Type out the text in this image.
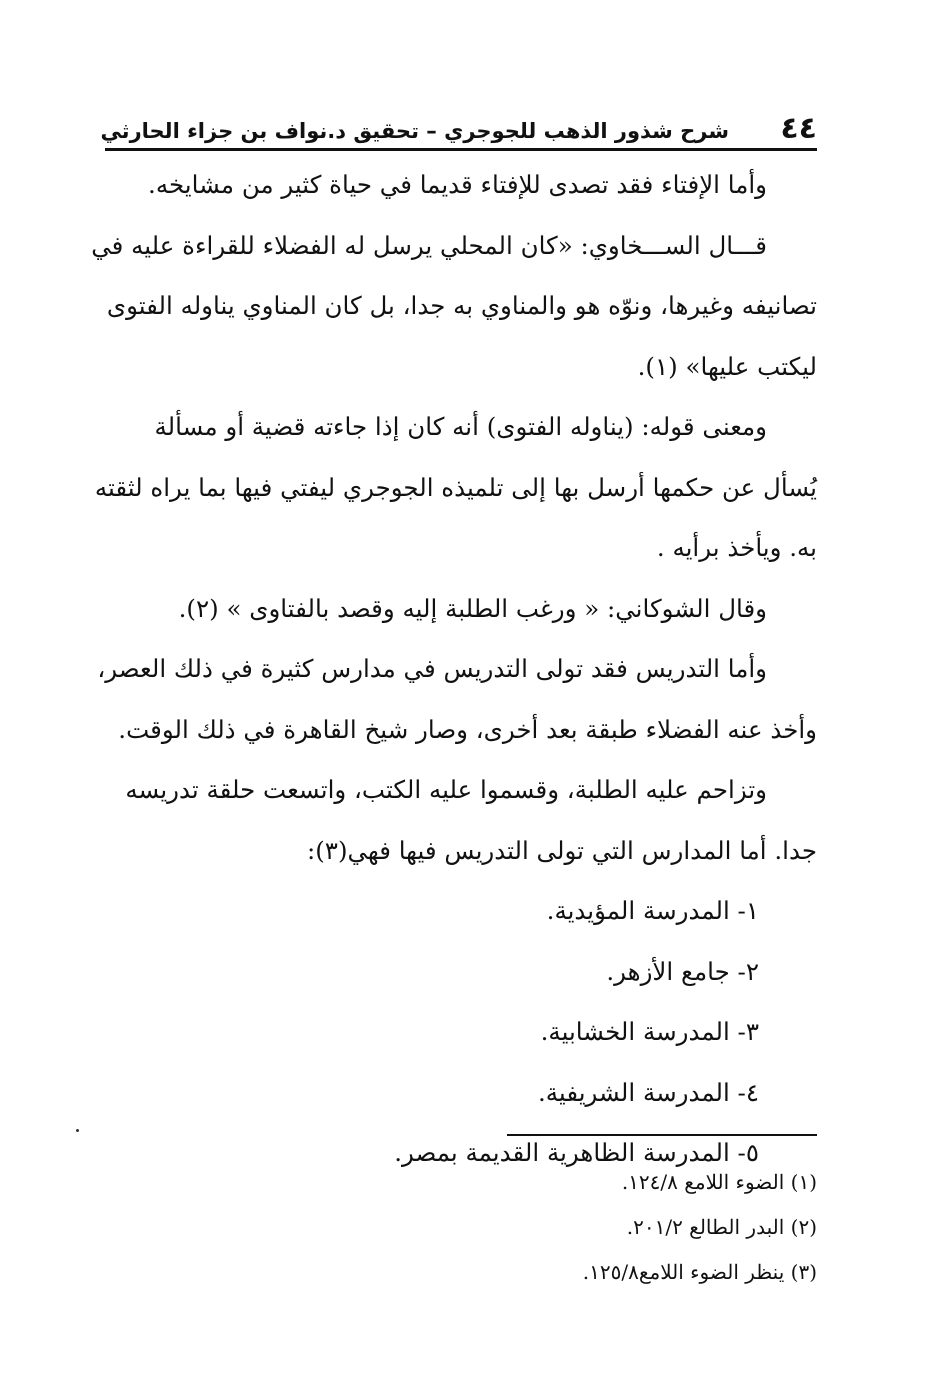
٤٤
شرح شذور الذهب للجوجري – تحقيق د.نواف بن جزاء الحارثي
وأما الإفتاء فقد تصدى للإفتاء قديما في حياة كثير من مشايخه.
قـــال الســـخاوي: «كان المحلي يرسل له الفضلاء للقراءة عليه في
تصانيفه وغيرها، ونوّه هو والمناوي به جدا، بل كان المناوي يناوله الفتوى
ليكتب عليها» (١).
ومعنى قوله: (يناوله الفتوى) أنه كان إذا جاءته قضية أو مسألة
يُسأل عن حكمها أرسل بها إلى تلميذه الجوجري ليفتي فيها بما يراه لثقته
به. ويأخذ برأيه .
وقال الشوكاني: « ورغب الطلبة إليه وقصد بالفتاوى » (٢).
وأما التدريس فقد تولى التدريس في مدارس كثيرة في ذلك العصر،
وأخذ عنه الفضلاء طبقة بعد أخرى، وصار شيخ القاهرة في ذلك الوقت.
وتزاحم عليه الطلبة، وقسموا عليه الكتب، واتسعت حلقة تدريسه
جدا. أما المدارس التي تولى التدريس فيها فهي(٣):
١- المدرسة المؤيدية.
٢- جامع الأزهر.
٣- المدرسة الخشابية.
٤- المدرسة الشريفية.
٥- المدرسة الظاهرية القديمة بمصر.
(١) الضوء اللامع ١٢٤/٨.
(٢) البدر الطالع ٢٠١/٢.
(٣) ينظر الضوء اللامع١٢٥/٨.
